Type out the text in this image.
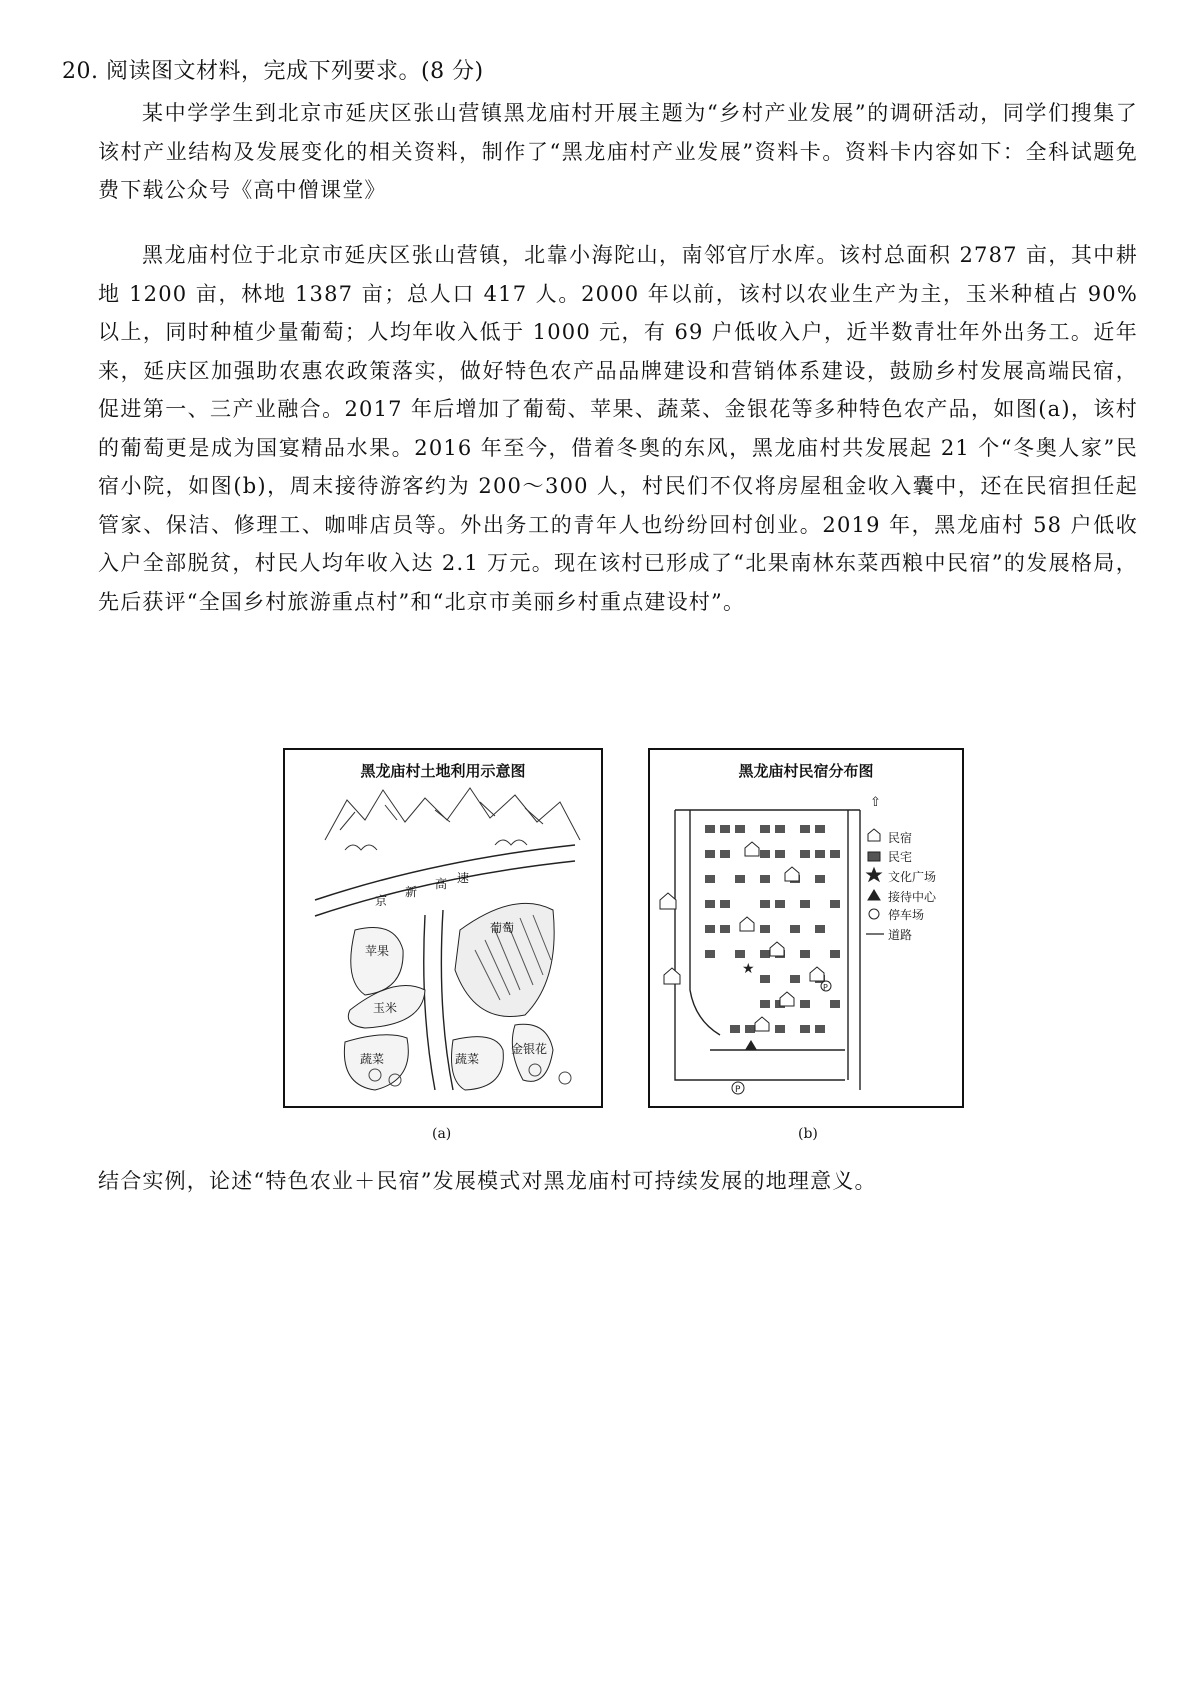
20. 阅读图文材料，完成下列要求。(8 分)

某中学学生到北京市延庆区张山营镇黑龙庙村开展主题为“乡村产业发展”的调研活动，同学们搜集了该村产业结构及发展变化的相关资料，制作了“黑龙庙村产业发展”资料卡。资料卡内容如下：全科试题免费下载公众号《高中僧课堂》

黑龙庙村位于北京市延庆区张山营镇，北靠小海陀山，南邻官厅水库。该村总面积 2787 亩，其中耕地 1200 亩，林地 1387 亩；总人口 417 人。2000 年以前，该村以农业生产为主，玉米种植占 90%以上，同时种植少量葡萄；人均年收入低于 1000 元，有 69 户低收入户，近半数青壮年外出务工。近年来，延庆区加强助农惠农政策落实，做好特色农产品品牌建设和营销体系建设，鼓励乡村发展高端民宿，促进第一、三产业融合。2017 年后增加了葡萄、苹果、蔬菜、金银花等多种特色农产品，如图(a)，该村的葡萄更是成为国宴精品水果。2016 年至今，借着冬奥的东风，黑龙庙村共发展起 21 个“冬奥人家”民宿小院，如图(b)，周末接待游客约为 200～300 人，村民们不仅将房屋租金收入囊中，还在民宿担任起管家、保洁、修理工、咖啡店员等。外出务工的青年人也纷纷回村创业。2019 年，黑龙庙村 58 户低收入户全部脱贫，村民人均年收入达 2.1 万元。现在该村已形成了“北果南林东菜西粮中民宿”的发展格局，先后获评“全国乡村旅游重点村”和“北京市美丽乡村重点建设村”。

京
新
高 速
苹果
葡萄
玉米
蔬菜	蔬菜
金银花
黑龙庙村土地利用示意图
★
P
P
⇧
民宿
民宅
文化广场
接待中心
停车场
道路
黑龙庙村民宿分布图
(a)	(b)
结合实例，论述“特色农业＋民宿”发展模式对黑龙庙村可持续发展的地理意义。
